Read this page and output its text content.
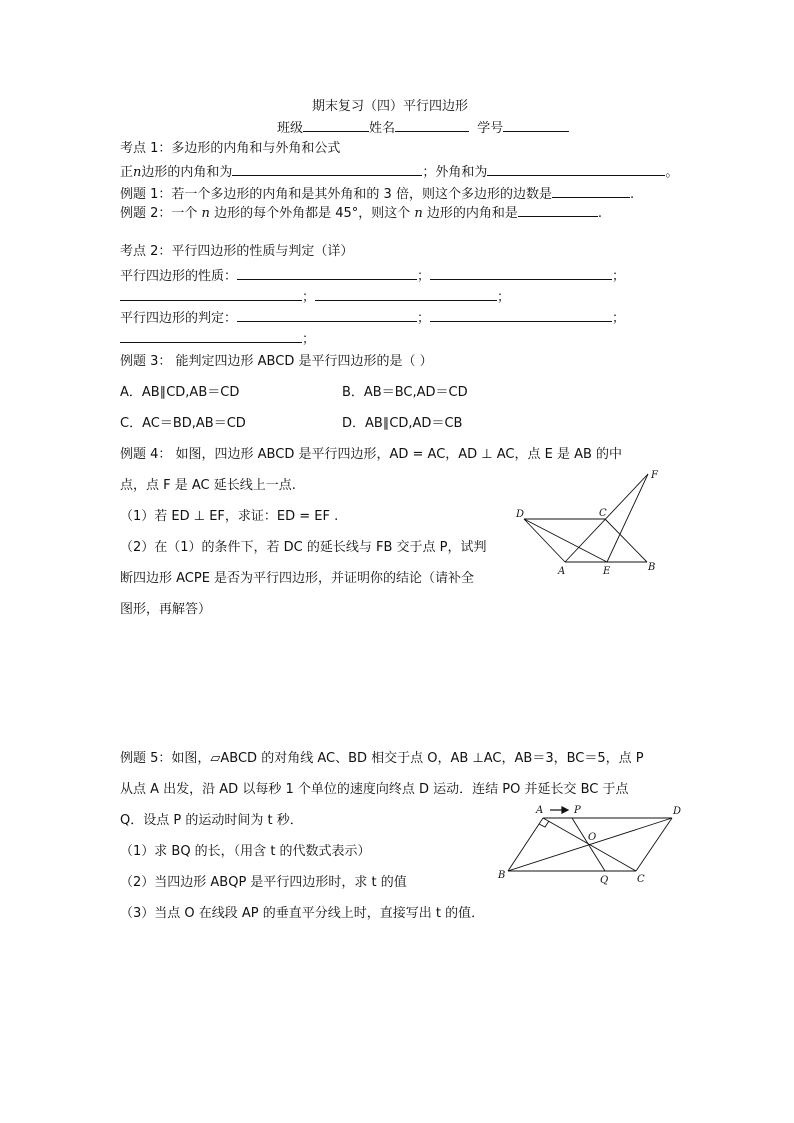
期末复习（四）平行四边形
班级	姓名	学号
考点 1：多边形的内角和与外角和公式
正n边形的内角和为	；外角和为	。
例题 1：若一个多边形的内角和是其外角和的 3 倍，则这个多边形的边数是	.
例题 2：一个 n 边形的每个外角都是 45°，则这个 n 边形的内角和是	.
考点 2：平行四边形的性质与判定（详）
平行四边形的性质：	；	；
；	；
平行四边形的判定：	；	；
；
例题 3： 能判定四边形 ABCD 是平行四边形的是（ ）
A．AB∥CD,AB＝CD	B．AB＝BC,AD＝CD
C．AC＝BD,AB＝CD	D．AB∥CD,AD＝CB
例题 4： 如图，四边形 ABCD 是平行四边形，AD = AC，AD ⊥ AC，点 E 是 AB 的中
点，点 F 是 AC 延长线上一点.
（1）若 ED ⊥ EF，求证：ED = EF .
（2）在（1）的条件下，若 DC 的延长线与 FB 交于点 P，试判
断四边形 ACPE 是否为平行四边形，并证明你的结论（请补全
图形，再解答）
D	C
F
A	E	B
例题 5：如图，▱ABCD 的对角线 AC、BD 相交于点 O，AB ⊥AC，AB＝3，BC＝5，点 P
从点 A 出发，沿 AD 以每秒 1 个单位的速度向终点 D 运动．连结 PO 并延长交 BC 于点
Q．设点 P 的运动时间为 t 秒．
（1）求 BQ 的长，（用含 t 的代数式表示）
（2）当四边形 ABQP 是平行四边形时，求 t 的值
（3）当点 O 在线段 AP 的垂直平分线上时，直接写出 t 的值．
A	P	D
O
B	Q	C
